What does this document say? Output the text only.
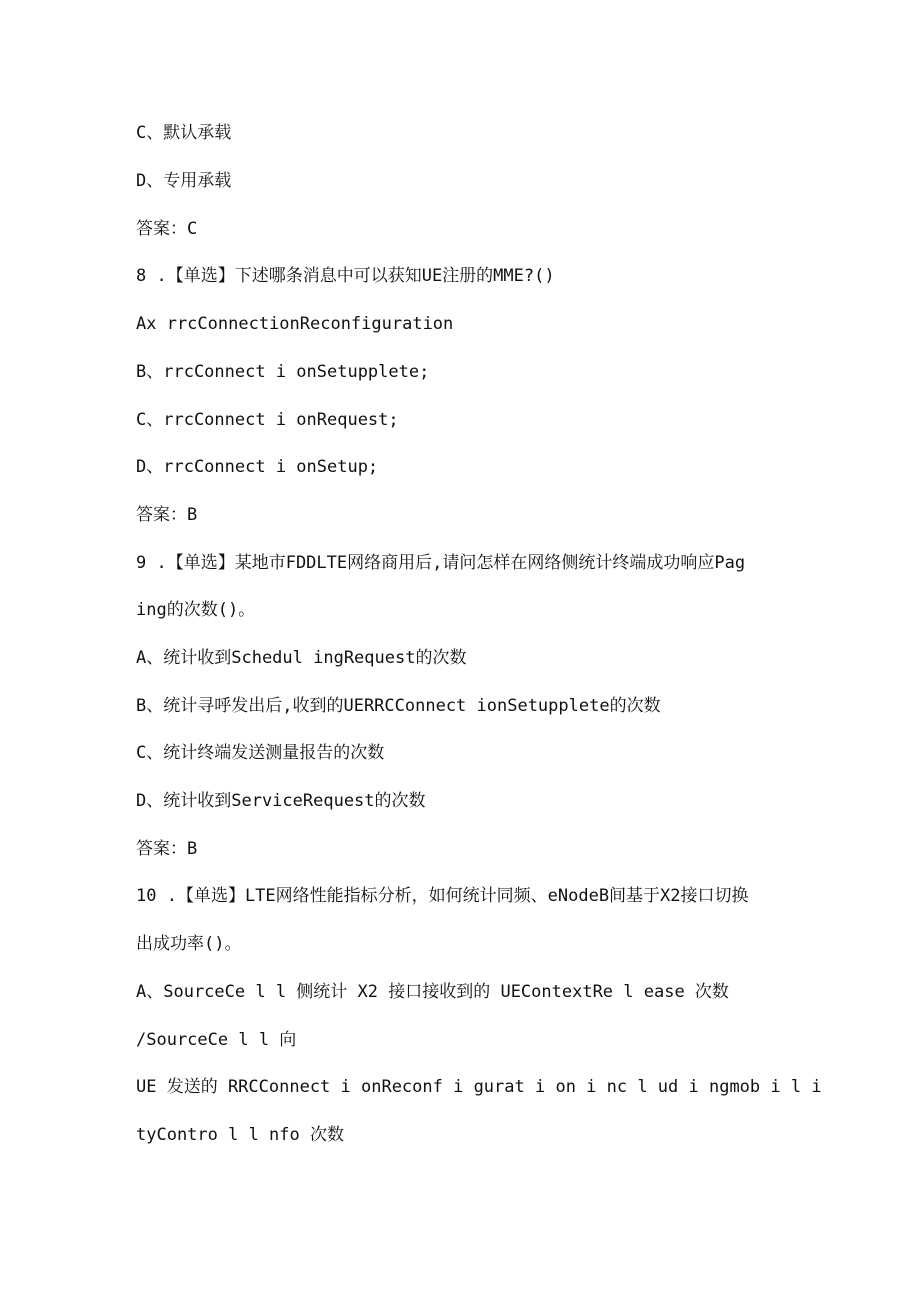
C、默认承载
D、专用承载
答案：C
8 .【单选】下述哪条消息中可以获知UE注册的MME?()
Ax rrcConnectionReconfiguration
B、rrcConnect i onSetupplete;
C、rrcConnect i onRequest;
D、rrcConnect i onSetup;
答案：B
9 .【单选】某地市FDDLTE网络商用后,请问怎样在网络侧统计终端成功响应Pag
ing的次数()。
A、统计收到Schedul ingRequest的次数
B、统计寻呼发出后,收到的UERRCConnect ionSetupplete的次数
C、统计终端发送测量报告的次数
D、统计收到ServiceRequest的次数
答案：B
10 .【单选】LTE网络性能指标分析，如何统计同频、eNodeB间基于X2接口切换
出成功率()。
A、SourceCe l l 侧统计 X2 接口接收到的 UEContextRe l ease 次数
/SourceCe l l 向
UE 发送的 RRCConnect i onReconf i gurat i on i nc l ud i ngmob i l i
tyContro l l nfo 次数
